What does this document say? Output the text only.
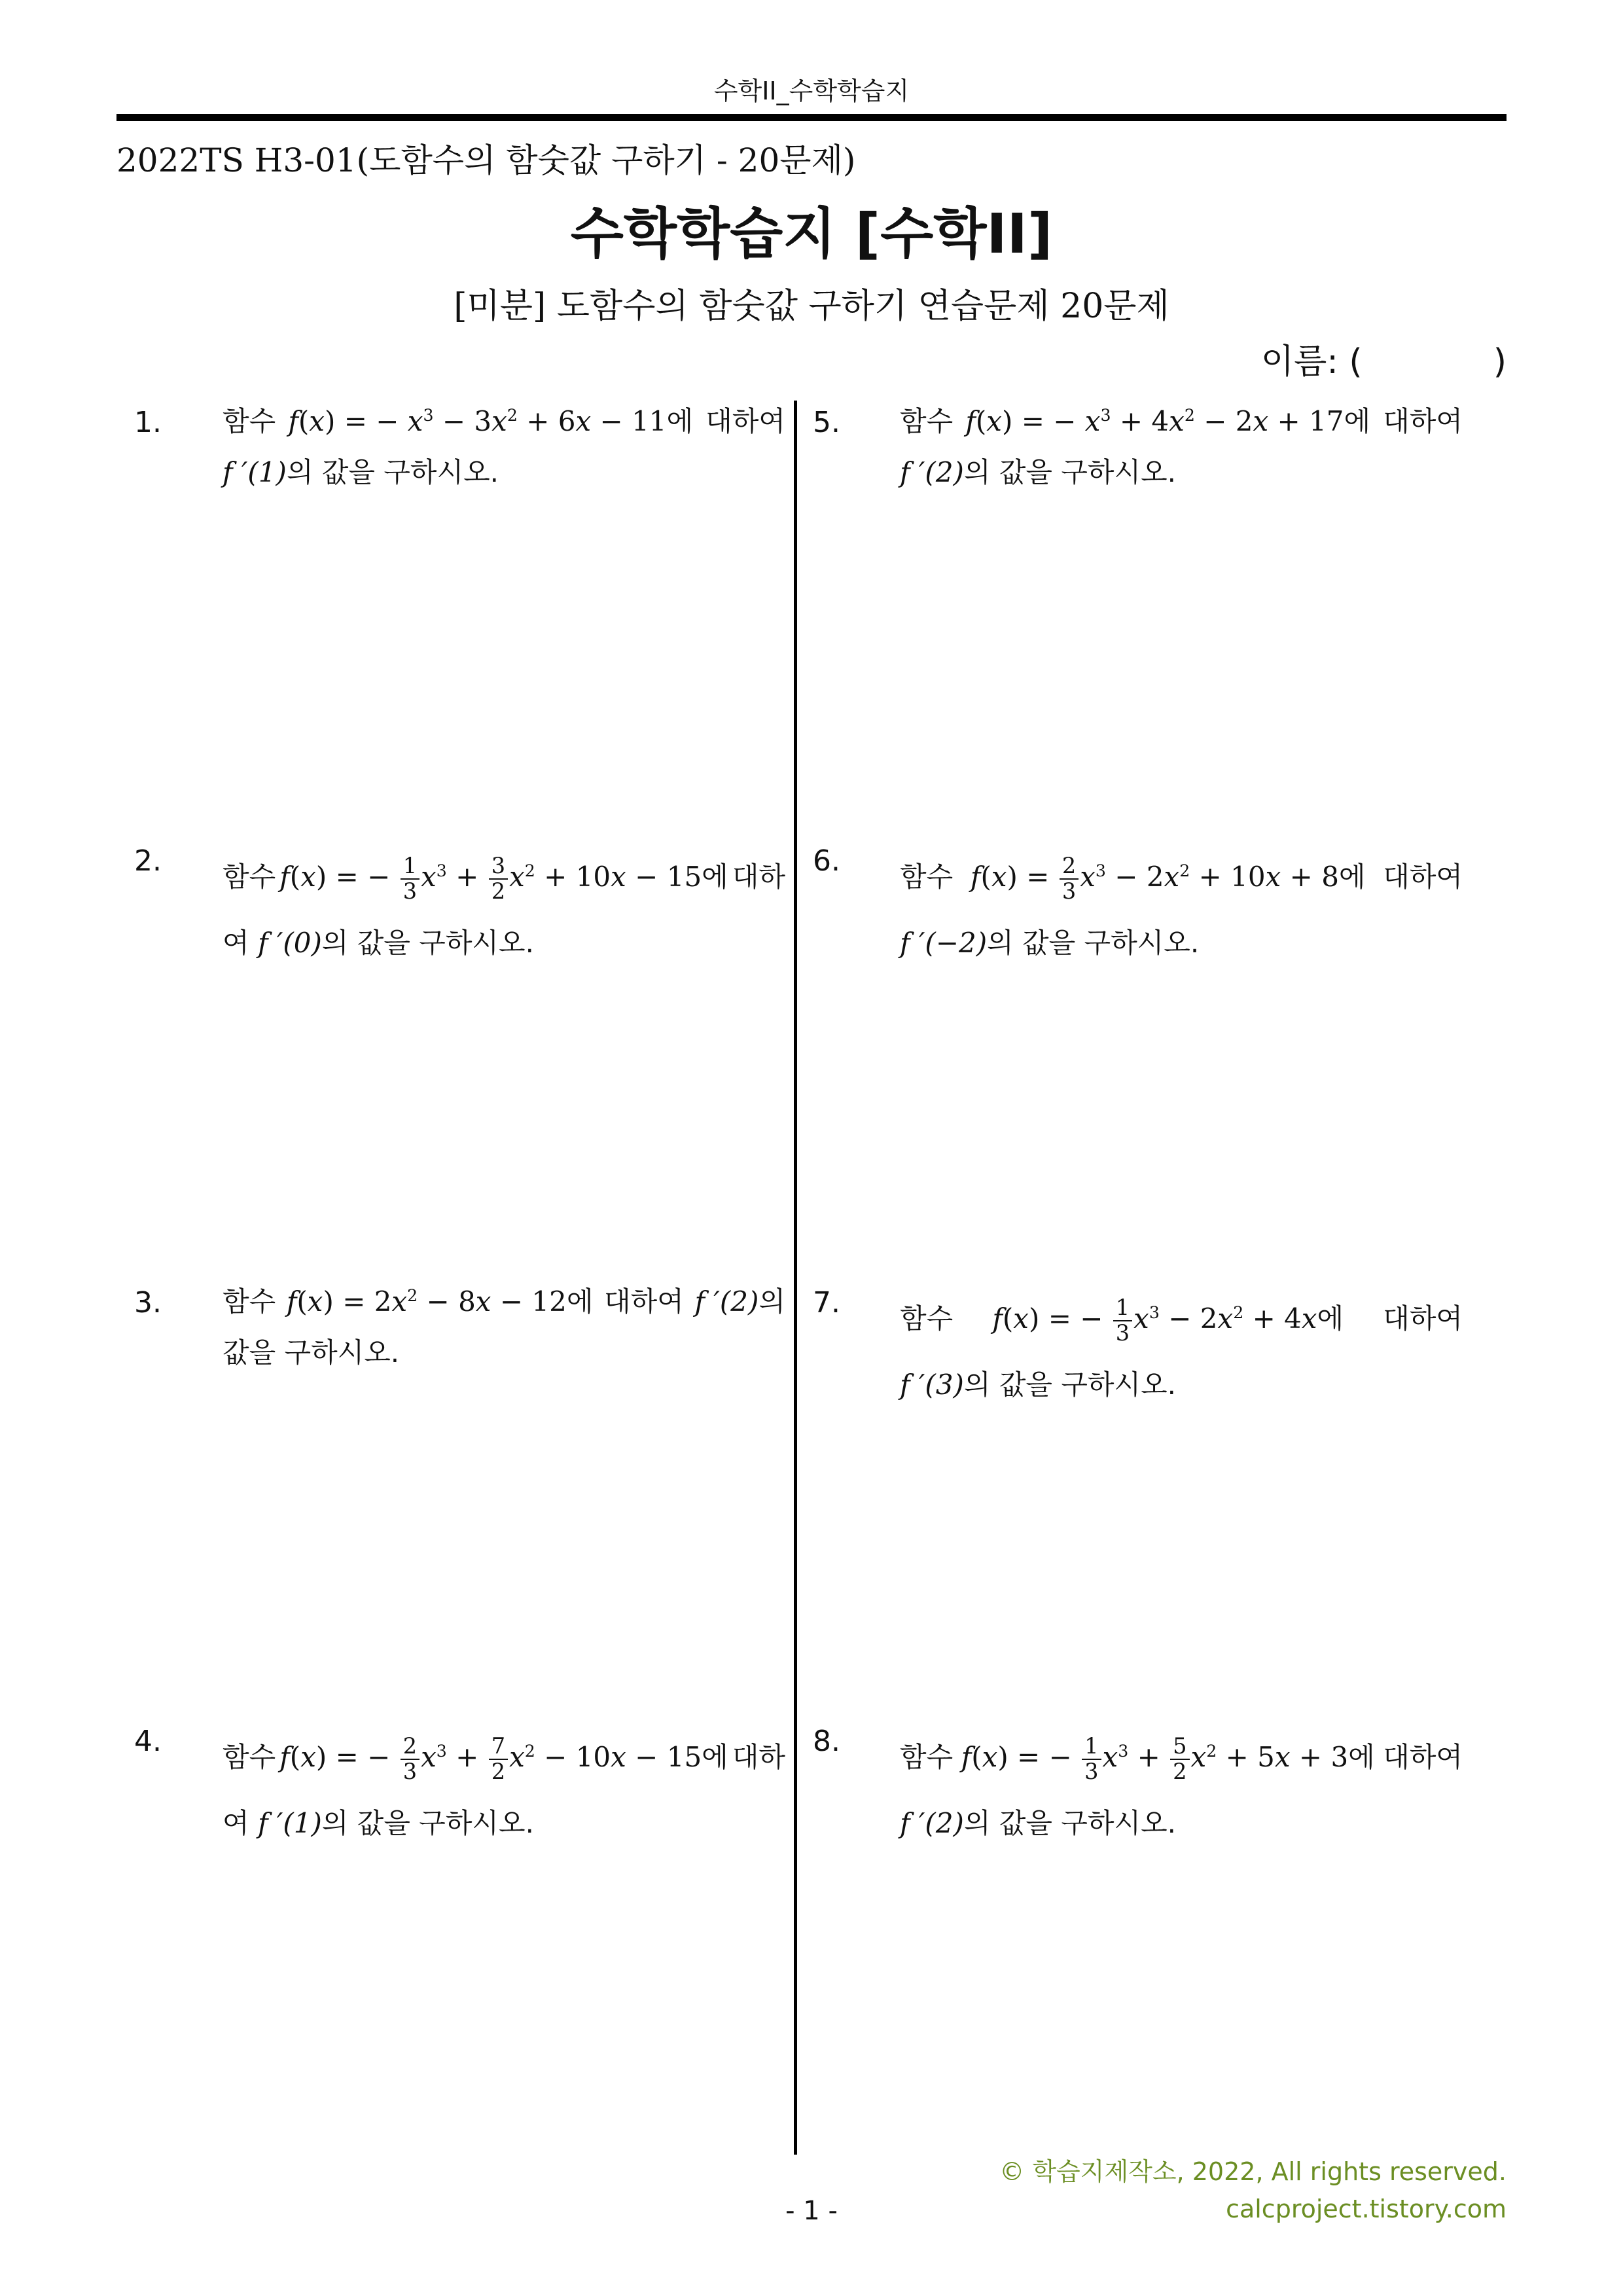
수학II_수학학습지
2022TS H3-01(도함수의 함숫값 구하기 - 20문제)
수학학습지 [수학II]
[미분] 도함수의 함숫값 구하기 연습문제 20문제
이름: (	)
1. 함수 f(x) = − $x^3 - 3x^2 + 6x - 11$에 대하여
f ′(1)의 값을 구하시오.
2. 함수 f(x) = − $\frac{1}{3} x^3 + \frac{3}{2} x^2 + 10x - 15$에 대하
여 f ′(0)의 값을 구하시오.
3. 함수 $f(x) = 2x^2 - 8x - 12$에 대하여 f ′(2)의
값을 구하시오.
4. 함수 f(x) = − $\frac{2}{3} x^3 + \frac{7}{2} x^2 - 10x - 15$에 대하
여 f ′(1)의 값을 구하시오.
5. 함수 f(x) = − $x^3 + 4x^2 - 2x + 17$에 대하여
f ′(2)의 값을 구하시오.
6. 함수 $f(x) = \frac{2}{3} x^3 - 2x^2 + 10x + 8$에 대하여
f ′(−2)의 값을 구하시오.
7. 함수 f(x) = − $\frac{1}{3} x^3 - 2x^2 + 4x$에 대하여
f ′(3)의 값을 구하시오.
8. 함수 f(x) = − $\frac{1}{3} x^3 + \frac{5}{2} x^2 + 5x + 3$에 대하여
f ′(2)의 값을 구하시오.
© 학습지제작소, 2022, All rights reserved.
calcproject.tistory.com
- 1 -
